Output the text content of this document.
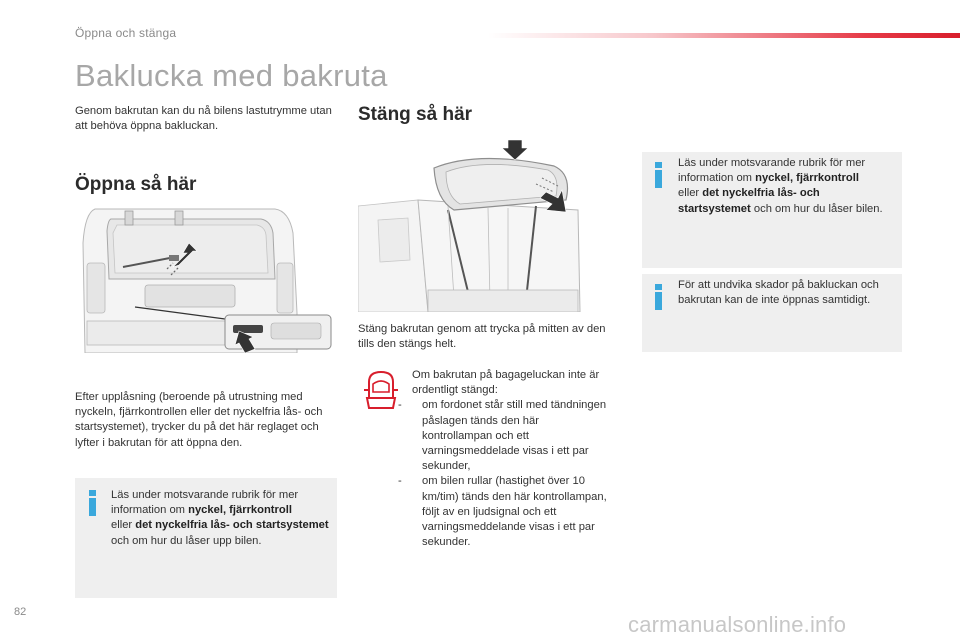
Öppna och stänga
Baklucka med bakruta
Genom bakrutan kan du nå bilens lastutrymme utan att behöva öppna bakluckan.
Öppna så här
Efter upplåsning (beroende på utrustning med nyckeln, fjärrkontrollen eller det nyckelfria lås- och startsystemet), trycker du på det här reglaget och lyfter i bakrutan för att öppna den.
Läs under motsvarande rubrik för mer information om nyckel, fjärrkontroll
eller det nyckelfria lås- och startsystemet och om hur du låser upp bilen.
Stäng så här
Stäng bakrutan genom att trycka på mitten av den tills den stängs helt.
Om bakrutan på bagageluckan inte är ordentligt stängd:
-	om fordonet står still med tändningen påslagen tänds den här kontrollampan och ett varningsmeddelade visas i ett par sekunder,
-	om bilen rullar (hastighet över 10 km/tim) tänds den här kontrollampan, följt av en ljudsignal och ett varningsmeddelande visas i ett par sekunder.
Läs under motsvarande rubrik för mer information om nyckel, fjärrkontroll
eller det nyckelfria lås- och startsystemet och om hur du låser bilen.
För att undvika skador på bakluckan och bakrutan kan de inte öppnas samtidigt.
82	carmanualsonline.info
